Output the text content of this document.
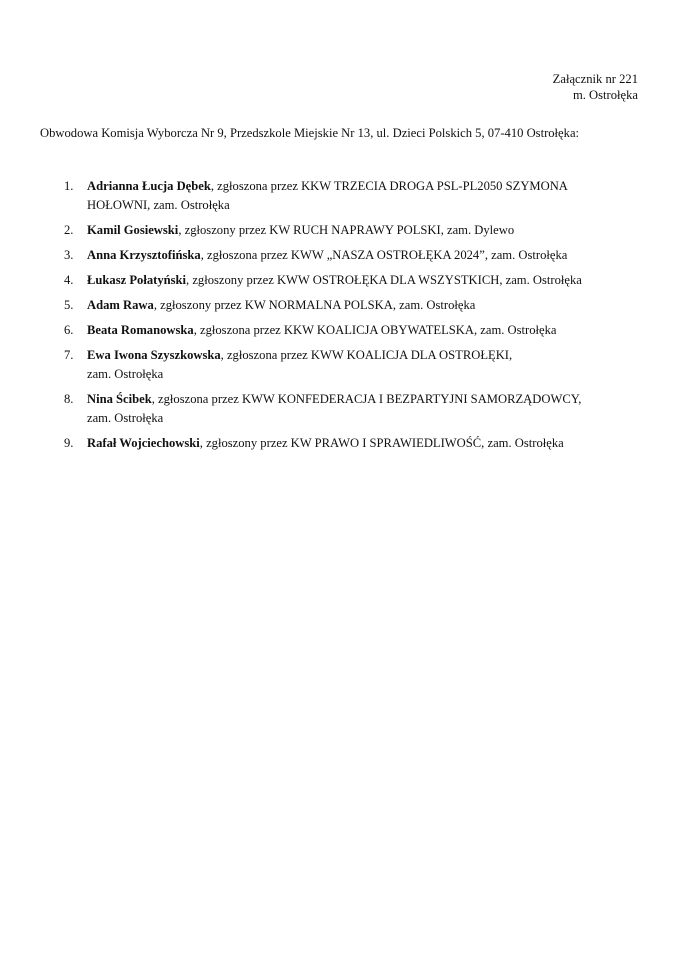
Załącznik nr 221
m. Ostrołęka
Obwodowa Komisja Wyborcza Nr 9, Przedszkole Miejskie Nr 13, ul. Dzieci Polskich 5, 07-410 Ostrołęka:
1. Adrianna Łucja Dębek, zgłoszona przez KKW TRZECIA DROGA PSL-PL2050 SZYMONA
HOŁOWNI, zam. Ostrołęka
2. Kamil Gosiewski, zgłoszony przez KW RUCH NAPRAWY POLSKI, zam. Dylewo
3. Anna Krzysztofińska, zgłoszona przez KWW „NASZA OSTROŁĘKA 2024”, zam. Ostrołęka
4. Łukasz Połatyński, zgłoszony przez KWW OSTROŁĘKA DLA WSZYSTKICH, zam. Ostrołęka
5. Adam Rawa, zgłoszony przez KW NORMALNA POLSKA, zam. Ostrołęka
6. Beata Romanowska, zgłoszona przez KKW KOALICJA OBYWATELSKA, zam. Ostrołęka
7. Ewa Iwona Szyszkowska, zgłoszona przez KWW KOALICJA DLA OSTROŁĘKI,
zam. Ostrołęka
8. Nina Ścibek, zgłoszona przez KWW KONFEDERACJA I BEZPARTYJNI SAMORZĄDOWCY,
zam. Ostrołęka
9. Rafał Wojciechowski, zgłoszony przez KW PRAWO I SPRAWIEDLIWOŚĆ, zam. Ostrołęka
